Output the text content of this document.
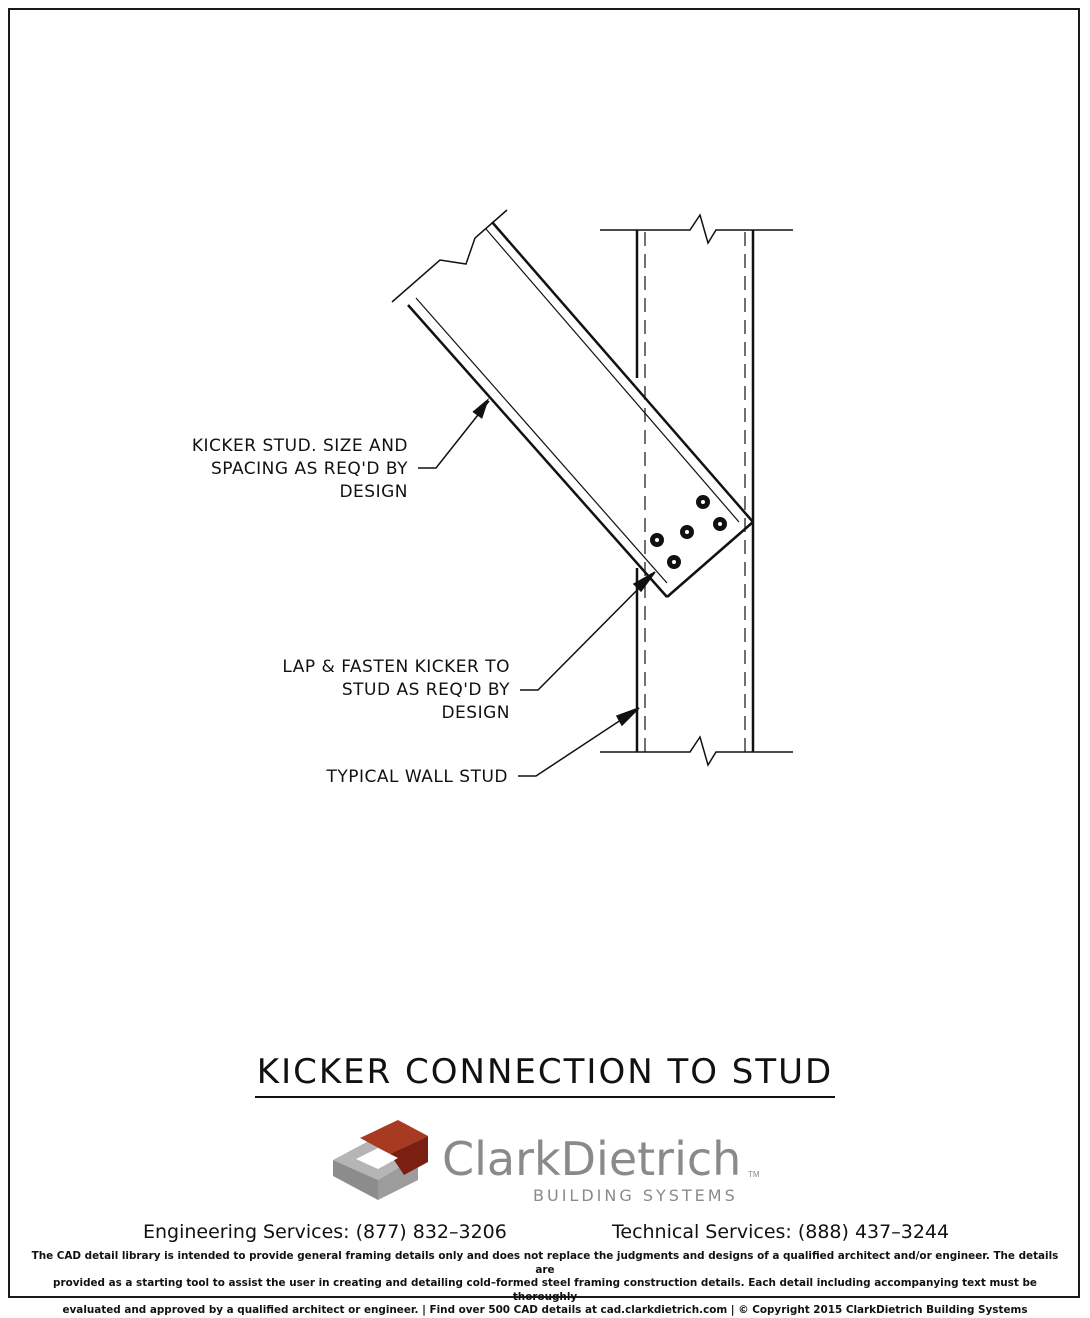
KICKER STUD. SIZE AND
SPACING AS REQ'D BY
DESIGN
LAP & FASTEN KICKER TO
STUD AS REQ'D BY
DESIGN
TYPICAL WALL STUD
KICKER CONNECTION TO STUD
ClarkDietrich TM
BUILDING SYSTEMS
Engineering Services: (877) 832–3206	Technical Services: (888) 437–3244
The CAD detail library is intended to provide general framing details only and does not replace the judgments and designs of a qualified architect and/or engineer. The details are
provided as a starting tool to assist the user in creating and detailing cold–formed steel framing construction details. Each detail including accompanying text must be thoroughly
evaluated and approved by a qualified architect or engineer. | Find over 500 CAD details at cad.clarkdietrich.com | © Copyright 2015 ClarkDietrich Building Systems
